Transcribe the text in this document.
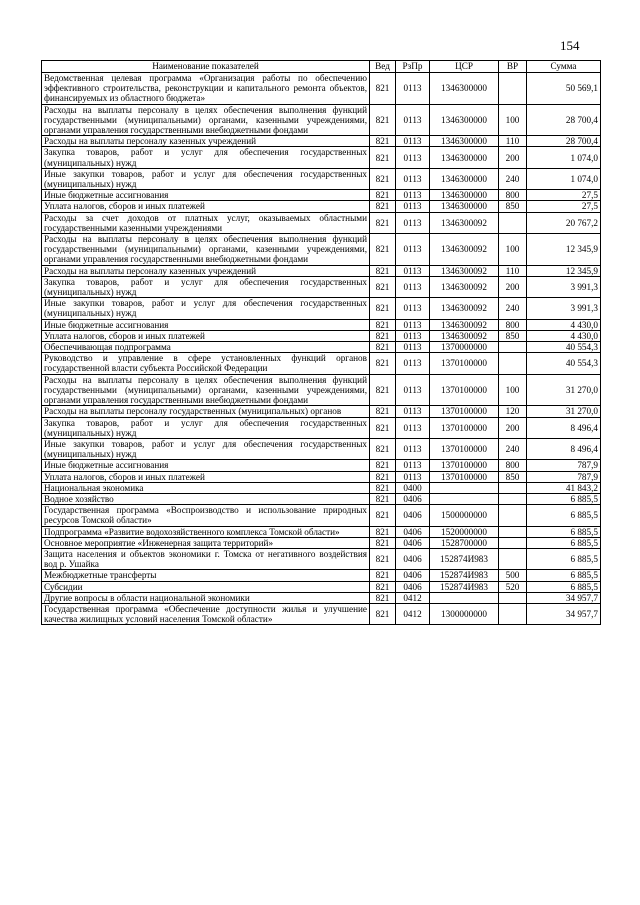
154
Наименование показателей	Вед	РзПр	ЦСР	ВР	Сумма
Ведомственная целевая программа «Организация работы по обеспечению эффективного строительства, реконструкции и капитального ремонта объектов, финансируемых из областного бюджета»	821	0113	1346300000		50 569,1
Расходы на выплаты персоналу в целях обеспечения выполнения функций государственными (муниципальными) органами, казенными учреждениями, органами управления государственными внебюджетными фондами	821	0113	1346300000	100	28 700,4
Расходы на выплаты персоналу казенных учреждений	821	0113	1346300000	110	28 700,4
Закупка товаров, работ и услуг для обеспечения государственных (муниципальных) нужд	821	0113	1346300000	200	1 074,0
Иные закупки товаров, работ и услуг для обеспечения государственных (муниципальных) нужд	821	0113	1346300000	240	1 074,0
Иные бюджетные ассигнования	821	0113	1346300000	800	27,5
Уплата налогов, сборов и иных платежей	821	0113	1346300000	850	27,5
Расходы за счет доходов от платных услуг, оказываемых областными государственными казенными учреждениями	821	0113	1346300092		20 767,2
Расходы на выплаты персоналу в целях обеспечения выполнения функций государственными (муниципальными) органами, казенными учреждениями, органами управления государственными внебюджетными фондами	821	0113	1346300092	100	12 345,9
Расходы на выплаты персоналу казенных учреждений	821	0113	1346300092	110	12 345,9
Закупка товаров, работ и услуг для обеспечения государственных (муниципальных) нужд	821	0113	1346300092	200	3 991,3
Иные закупки товаров, работ и услуг для обеспечения государственных (муниципальных) нужд	821	0113	1346300092	240	3 991,3
Иные бюджетные ассигнования	821	0113	1346300092	800	4 430,0
Уплата налогов, сборов и иных платежей	821	0113	1346300092	850	4 430,0
Обеспечивающая подпрограмма	821	0113	1370000000		40 554,3
Руководство и управление в сфере установленных функций органов государственной власти субъекта Российской Федерации	821	0113	1370100000		40 554,3
Расходы на выплаты персоналу в целях обеспечения выполнения функций государственными (муниципальными) органами, казенными учреждениями, органами управления государственными внебюджетными фондами	821	0113	1370100000	100	31 270,0
Расходы на выплаты персоналу государственных (муниципальных) органов	821	0113	1370100000	120	31 270,0
Закупка товаров, работ и услуг для обеспечения государственных (муниципальных) нужд	821	0113	1370100000	200	8 496,4
Иные закупки товаров, работ и услуг для обеспечения государственных (муниципальных) нужд	821	0113	1370100000	240	8 496,4
Иные бюджетные ассигнования	821	0113	1370100000	800	787,9
Уплата налогов, сборов и иных платежей	821	0113	1370100000	850	787,9
Национальная экономика	821	0400			41 843,2
Водное хозяйство	821	0406			6 885,5
Государственная программа «Воспроизводство и использование природных ресурсов Томской области»	821	0406	1500000000		6 885,5
Подпрограмма «Развитие водохозяйственного комплекса Томской области»	821	0406	1520000000		6 885,5
Основное мероприятие «Инженерная защита территорий»	821	0406	1528700000		6 885,5
Защита населения и объектов экономики г. Томска от негативного воздействия вод р. Ушайка	821	0406	152874И983		6 885,5
Межбюджетные трансферты	821	0406	152874И983	500	6 885,5
Субсидии	821	0406	152874И983	520	6 885,5
Другие вопросы в области национальной экономики	821	0412			34 957,7
Государственная программа «Обеспечение доступности жилья и улучшение качества жилищных условий населения Томской области»	821	0412	1300000000		34 957,7
